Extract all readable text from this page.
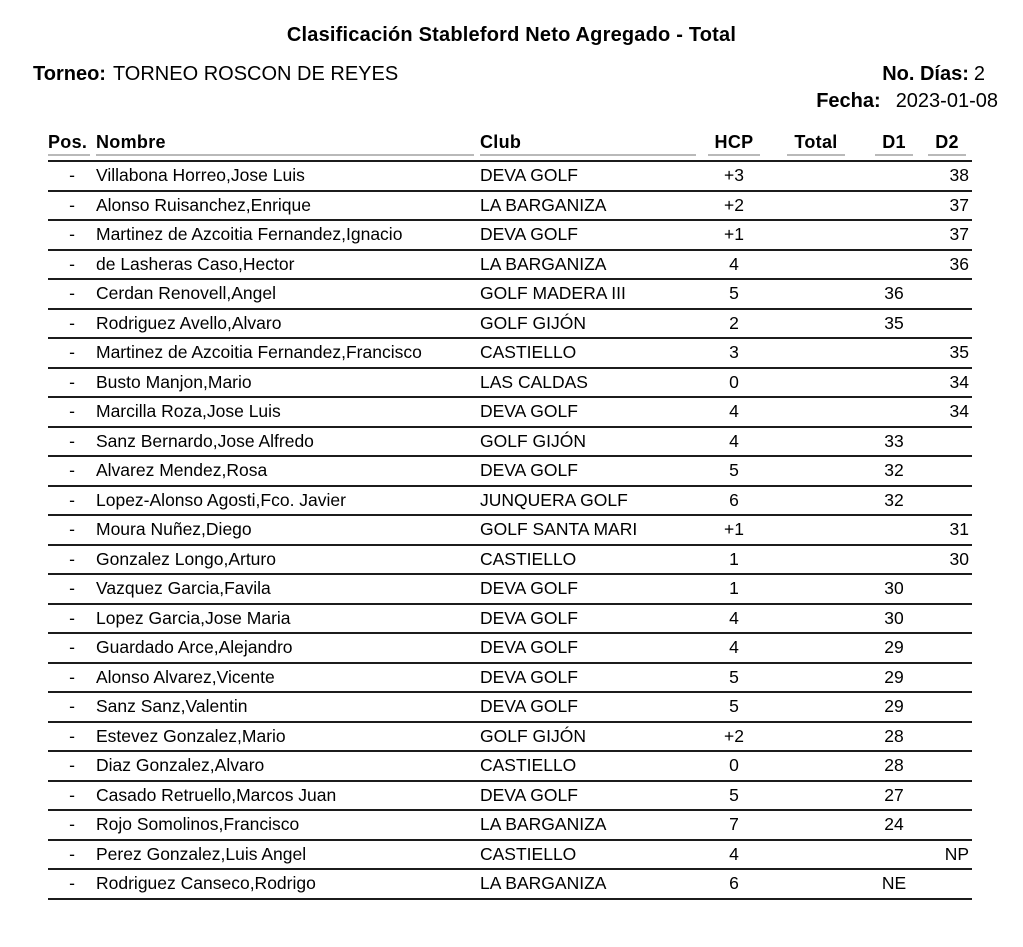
Clasificación Stableford Neto Agregado - Total
Torneo: TORNEO ROSCON DE REYES	No. Días: 2
Fecha: 2023-01-08
Pos.	Nombre	Club	HCP	Total	D1	D2
-	Villabona Horreo,Jose Luis	DEVA GOLF	+3			38
-	Alonso Ruisanchez,Enrique	LA BARGANIZA	+2			37
-	Martinez de Azcoitia Fernandez,Ignacio	DEVA GOLF	+1			37
-	de Lasheras Caso,Hector	LA BARGANIZA	4			36
-	Cerdan Renovell,Angel	GOLF MADERA III	5		36	
-	Rodriguez Avello,Alvaro	GOLF GIJÓN	2		35	
-	Martinez de Azcoitia Fernandez,Francisco	CASTIELLO	3			35
-	Busto Manjon,Mario	LAS CALDAS	0			34
-	Marcilla Roza,Jose Luis	DEVA GOLF	4			34
-	Sanz Bernardo,Jose Alfredo	GOLF GIJÓN	4		33	
-	Alvarez Mendez,Rosa	DEVA GOLF	5		32	
-	Lopez-Alonso Agosti,Fco. Javier	JUNQUERA GOLF	6		32	
-	Moura Nuñez,Diego	GOLF SANTA MARI	+1			31
-	Gonzalez Longo,Arturo	CASTIELLO	1			30
-	Vazquez Garcia,Favila	DEVA GOLF	1		30	
-	Lopez Garcia,Jose Maria	DEVA GOLF	4		30	
-	Guardado Arce,Alejandro	DEVA GOLF	4		29	
-	Alonso Alvarez,Vicente	DEVA GOLF	5		29	
-	Sanz Sanz,Valentin	DEVA GOLF	5		29	
-	Estevez Gonzalez,Mario	GOLF GIJÓN	+2		28	
-	Diaz Gonzalez,Alvaro	CASTIELLO	0		28	
-	Casado Retruello,Marcos Juan	DEVA GOLF	5		27	
-	Rojo Somolinos,Francisco	LA BARGANIZA	7		24	
-	Perez Gonzalez,Luis Angel	CASTIELLO	4			NP
-	Rodriguez Canseco,Rodrigo	LA BARGANIZA	6		NE	
